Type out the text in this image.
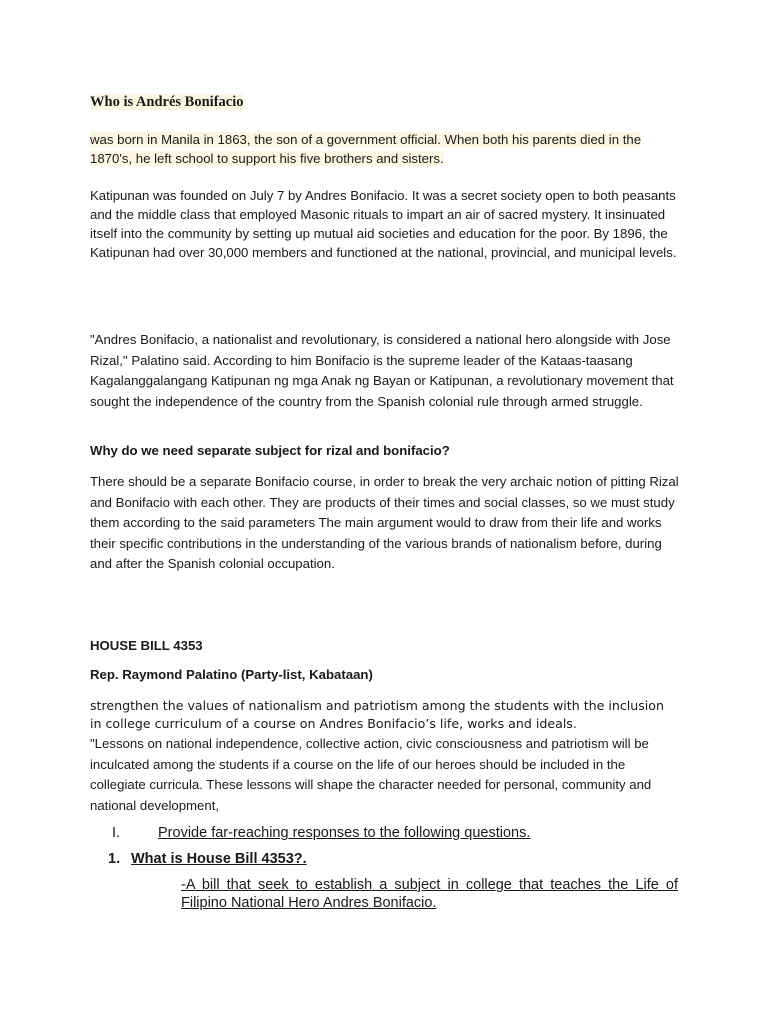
Who is Andrés Bonifacio

was born in Manila in 1863, the son of a government official. When both his parents died in the 1870's, he left school to support his five brothers and sisters.

Katipunan was founded on July 7 by Andres Bonifacio. It was a secret society open to both peasants and the middle class that employed Masonic rituals to impart an air of sacred mystery. It insinuated itself into the community by setting up mutual aid societies and education for the poor. By 1896, the Katipunan had over 30,000 members and functioned at the national, provincial, and municipal levels.

"Andres Bonifacio, a nationalist and revolutionary, is considered a national hero alongside with Jose Rizal," Palatino said. According to him Bonifacio is the supreme leader of the Kataas-taasang Kagalanggalangang Katipunan ng mga Anak ng Bayan or Katipunan, a revolutionary movement that sought the independence of the country from the Spanish colonial rule through armed struggle.

Why do we need separate subject for rizal and bonifacio?

There should be a separate Bonifacio course, in order to break the very archaic notion of pitting Rizal and Bonifacio with each other. They are products of their times and social classes, so we must study them according to the said parameters The main argument would to draw from their life and works their specific contributions in the understanding of the various brands of nationalism before, during and after the Spanish colonial occupation.

HOUSE BILL 4353

Rep. Raymond Palatino (Party-list, Kabataan)

strengthen the values of nationalism and patriotism among the students with the inclusion in college curriculum of a course on Andres Bonifacio’s life, works and ideals.

"Lessons on national independence, collective action, civic consciousness and patriotism will be inculcated among the students if a course on the life of our heroes should be included in the collegiate curricula. These lessons will shape the character needed for personal, community and national development,

I.	Provide far-reaching responses to the following questions.
1. What is House Bill 4353?.

-A bill that seek to establish a subject in college that teaches the Life of Filipino National Hero Andres Bonifacio.
